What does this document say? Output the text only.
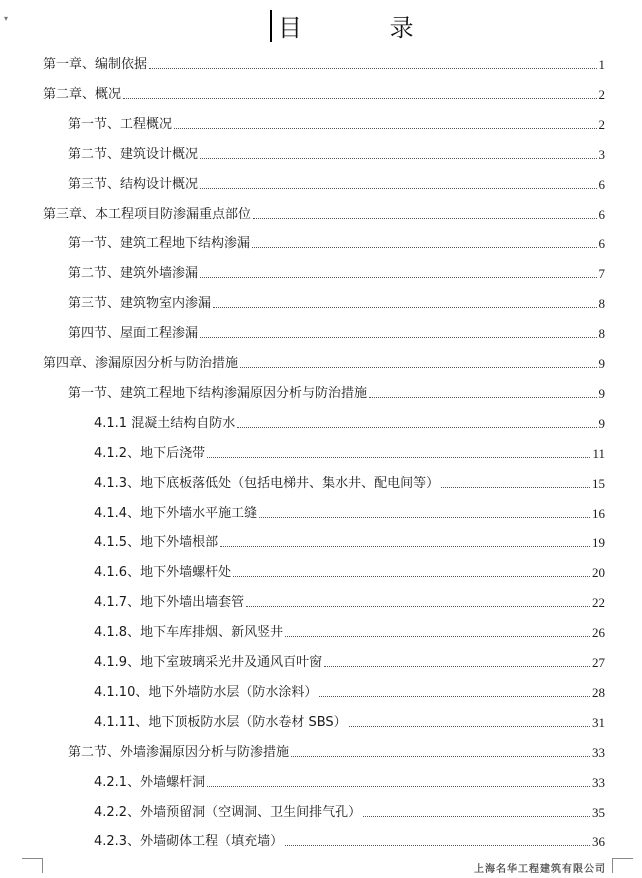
▾	目 录
第一章、编制依据	1
第二章、概况	2
第一节、工程概况	2
第二节、建筑设计概况	3
第三节、结构设计概况	6
第三章、本工程项目防渗漏重点部位	6
第一节、建筑工程地下结构渗漏	6
第二节、建筑外墙渗漏	7
第三节、建筑物室内渗漏	8
第四节、屋面工程渗漏	8
第四章、渗漏原因分析与防治措施	9
第一节、建筑工程地下结构渗漏原因分析与防治措施	9
4.1.1 混凝土结构自防水	9
4.1.2、地下后浇带	11
4.1.3、地下底板落低处（包括电梯井、集水井、配电间等）	15
4.1.4、地下外墙水平施工缝	16
4.1.5、地下外墙根部	19
4.1.6、地下外墙螺杆处	20
4.1.7、地下外墙出墙套管	22
4.1.8、地下车库排烟、新风竖井	26
4.1.9、地下室玻璃采光井及通风百叶窗	27
4.1.10、地下外墙防水层（防水涂料）	28
4.1.11、地下顶板防水层（防水卷材 SBS）	31
第二节、外墙渗漏原因分析与防渗措施	33
4.2.1、外墙螺杆洞	33
4.2.2、外墙预留洞（空调洞、卫生间排气孔）	35
4.2.3、外墙砌体工程（填充墙）	36
上海名华工程建筑有限公司
